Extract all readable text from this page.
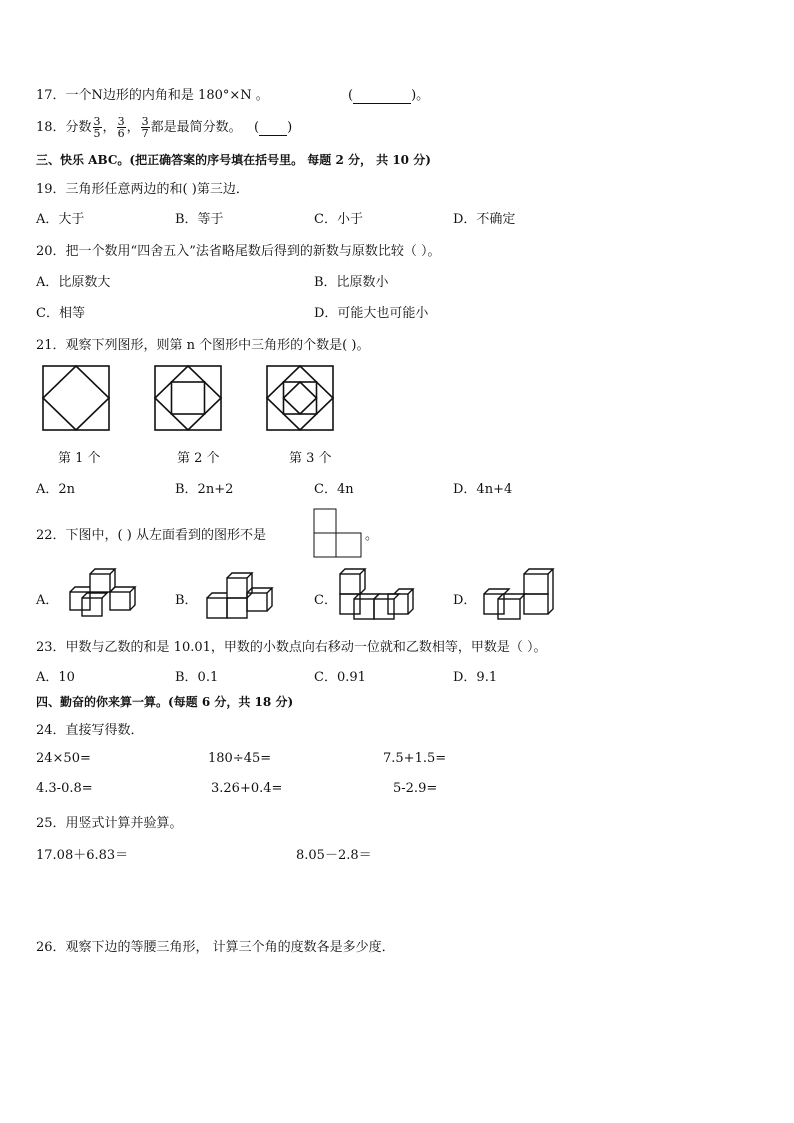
17．一个N边形的内角和是 180°×N 。	(	)。
18．分数 $\frac{3}{5}$ ， $\frac{3}{6}$ ， $\frac{3}{7}$ 都是最简分数。 ( )
三、快乐 ABC。(把正确答案的序号填在括号里。 每题 2 分， 共 10 分)
19．三角形任意两边的和( )第三边．
A．大于	B．等于	C．小于	D．不确定
20．把一个数用“四舍五入”法省略尾数后得到的新数与原数比较（ ）。
A．比原数大	B．比原数小
C．相等	D．可能大也可能小
21．观察下列图形，则第 n 个图形中三角形的个数是( )。
第 1 个	第 2 个	第 3 个
A．2n	B．2n+2	C．4n	D．4n+4
22．下图中，( ) 从左面看到的图形不是	。
A．	B．	C．	D．
23．甲数与乙数的和是 10.01，甲数的小数点向右移动一位就和乙数相等，甲数是（ ）。
A．10	B．0.1	C．0.91	D．9.1
四、勤奋的你来算一算。(每题 6 分，共 18 分)
24．直接写得数．
24×50=	180÷45=	7.5+1.5=
4.3-0.8=	3.26+0.4=	5-2.9=
25．用竖式计算并验算。
17.08＋6.83＝	8.05－2.8＝
26．观察下边的等腰三角形， 计算三个角的度数各是多少度．
